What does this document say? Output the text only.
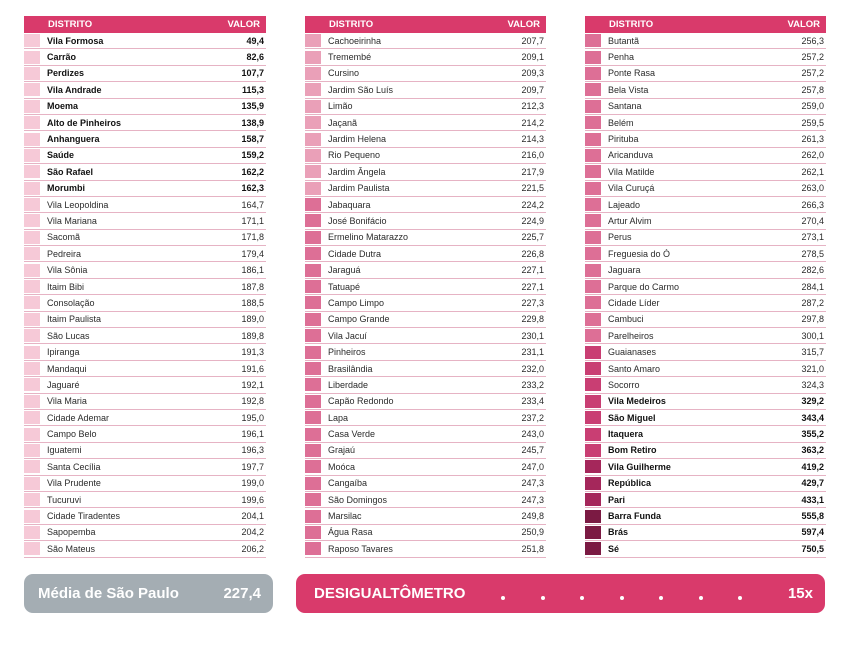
DISTRITO	VALOR
Vila Formosa	49,4
Carrão	82,6
Perdizes	107,7
Vila Andrade	115,3
Moema	135,9
Alto de Pinheiros	138,9
Anhanguera	158,7
Saúde	159,2
São Rafael	162,2
Morumbi	162,3
Vila Leopoldina	164,7
Vila Mariana	171,1
Sacomã	171,8
Pedreira	179,4
Vila Sônia	186,1
Itaim Bibi	187,8
Consolação	188,5
Itaim Paulista	189,0
São Lucas	189,8
Ipiranga	191,3
Mandaqui	191,6
Jaguaré	192,1
Vila Maria	192,8
Cidade Ademar	195,0
Campo Belo	196,1
Iguatemi	196,3
Santa Cecília	197,7
Vila Prudente	199,0
Tucuruvi	199,6
Cidade Tiradentes	204,1
Sapopemba	204,2
São Mateus	206,2
DISTRITO	VALOR
Cachoeirinha	207,7
Tremembé	209,1
Cursino	209,3
Jardim São Luís	209,7
Limão	212,3
Jaçanã	214,2
Jardim Helena	214,3
Rio Pequeno	216,0
Jardim Ângela	217,9
Jardim Paulista	221,5
Jabaquara	224,2
José Bonifácio	224,9
Ermelino Matarazzo	225,7
Cidade Dutra	226,8
Jaraguá	227,1
Tatuapé	227,1
Campo Limpo	227,3
Campo Grande	229,8
Vila Jacuí	230,1
Pinheiros	231,1
Brasilândia	232,0
Liberdade	233,2
Capão Redondo	233,4
Lapa	237,2
Casa Verde	243,0
Grajaú	245,7
Moóca	247,0
Cangaíba	247,3
São Domingos	247,3
Marsilac	249,8
Água Rasa	250,9
Raposo Tavares	251,8
DISTRITO	VALOR
Butantã	256,3
Penha	257,2
Ponte Rasa	257,2
Bela Vista	257,8
Santana	259,0
Belém	259,5
Pirituba	261,3
Aricanduva	262,0
Vila Matilde	262,1
Vila Curuçá	263,0
Lajeado	266,3
Artur Alvim	270,4
Perus	273,1
Freguesia do Ó	278,5
Jaguara	282,6
Parque do Carmo	284,1
Cidade Líder	287,2
Cambuci	297,8
Parelheiros	300,1
Guaianases	315,7
Santo Amaro	321,0
Socorro	324,3
Vila Medeiros	329,2
São Miguel	343,4
Itaquera	355,2
Bom Retiro	363,2
Vila Guilherme	419,2
República	429,7
Pari	433,1
Barra Funda	555,8
Brás	597,4
Sé	750,5
Média de São Paulo	227,4	DESIGUALTÔMETRO	15x
